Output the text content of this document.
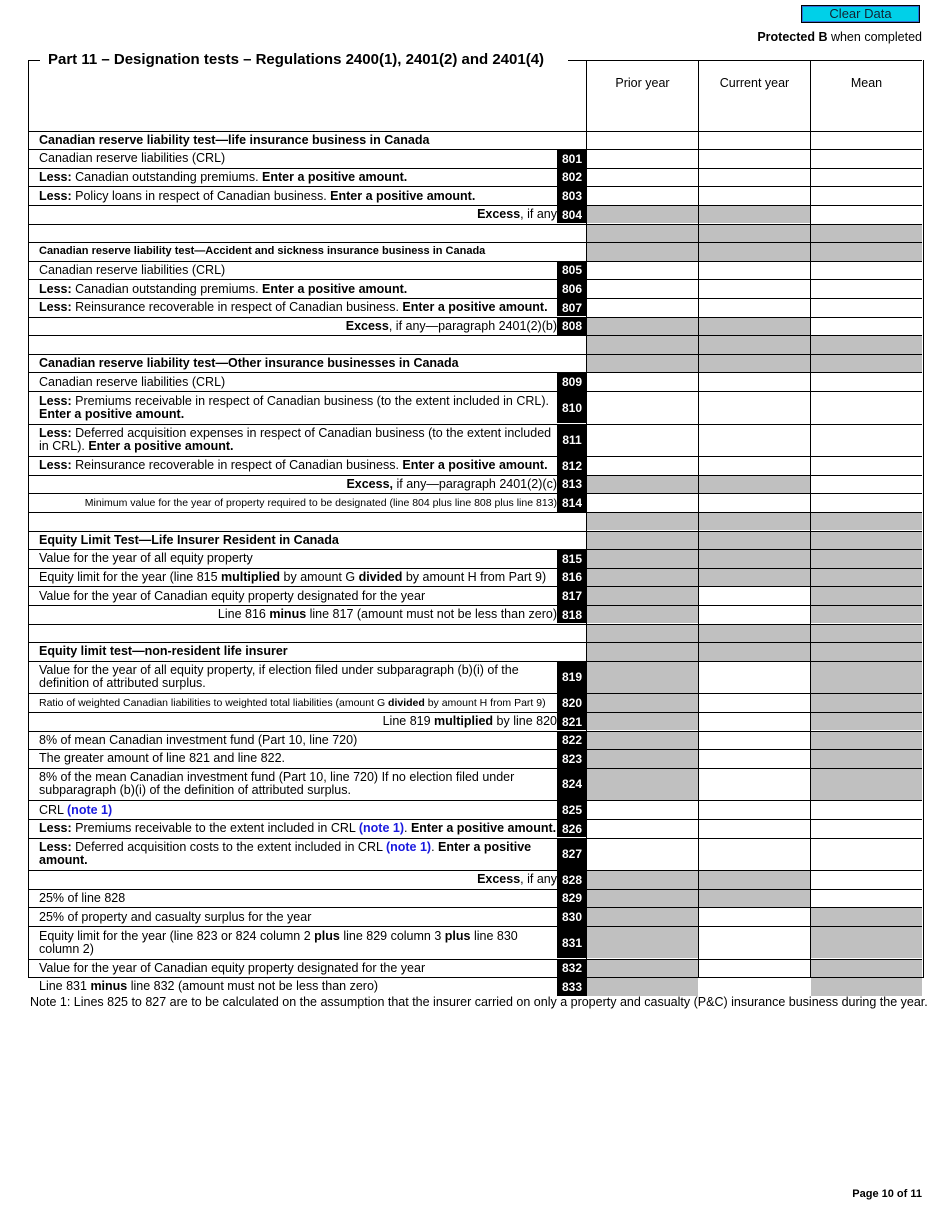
Clear Data
Protected B when completed
Part 11 – Designation tests – Regulations 2400(1), 2401(2) and 2401(4)
Prior year	Current year	Mean
Canadian reserve liability test—life insurance business in Canada
Canadian reserve liabilities (CRL)	801
Less: Canadian outstanding premiums. Enter a positive amount.	802
Less: Policy loans in respect of Canadian business. Enter a positive amount.	803
Excess, if any 804
Canadian reserve liability test—Accident and sickness insurance business in Canada
Canadian reserve liabilities (CRL)	805
Less: Canadian outstanding premiums. Enter a positive amount.	806
Less: Reinsurance recoverable in respect of Canadian business. Enter a positive amount.	807
Excess, if any—paragraph 2401(2)(b) 808
Canadian reserve liability test—Other insurance businesses in Canada
Canadian reserve liabilities (CRL)	809
Less: Premiums receivable in respect of Canadian business (to the extent included in CRL). Enter a positive amount.	810
Less: Deferred acquisition expenses in respect of Canadian business (to the extent included in CRL). Enter a positive amount.	811
Less: Reinsurance recoverable in respect of Canadian business. Enter a positive amount.	812
Excess, if any—paragraph 2401(2)(c) 813
Minimum value for the year of property required to be designated (line 804 plus line 808 plus line 813) 814
Equity Limit Test—Life Insurer Resident in Canada
Value for the year of all equity property	815
Equity limit for the year (line 815 multiplied by amount G divided by amount H from Part 9)	816
Value for the year of Canadian equity property designated for the year	817
Line 816 minus line 817 (amount must not be less than zero) 818
Equity limit test—non-resident life insurer
Value for the year of all equity property, if election filed under subparagraph (b)(i) of the definition of attributed surplus.	819
Ratio of weighted Canadian liabilities to weighted total liabilities (amount G divided by amount H from Part 9)	820
Line 819 multiplied by line 820 821
8% of mean Canadian investment fund (Part 10, line 720)	822
The greater amount of line 821 and line 822.	823
8% of the mean Canadian investment fund (Part 10, line 720) If no election filed under subparagraph (b)(i) of the definition of attributed surplus.	824
CRL (note 1)	825
Less: Premiums receivable to the extent included in CRL (note 1). Enter a positive amount. 826
Less: Deferred acquisition costs to the extent included in CRL (note 1). Enter a positive amount.	827
Excess, if any 828
25% of line 828	829
25% of property and casualty surplus for the year	830
Equity limit for the year (line 823 or 824 column 2 plus line 829 column 3 plus line 830 column 2)	831
Value for the year of Canadian equity property designated for the year	832
Line 831 minus line 832 (amount must not be less than zero)	833
Note 1: Lines 825 to 827 are to be calculated on the assumption that the insurer carried on only a property and casualty (P&C) insurance business during the year.
Page 10 of 11
